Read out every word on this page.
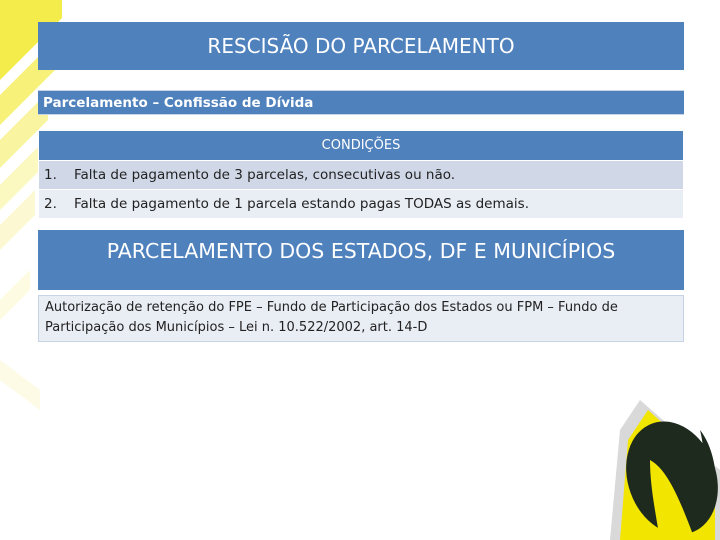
RESCISÃO DO PARCELAMENTO
Parcelamento – Confissão de Dívida
CONDIÇÕES
1. Falta de pagamento de 3 parcelas, consecutivas ou não.
2. Falta de pagamento de 1 parcela estando pagas TODAS as demais.
PARCELAMENTO DOS ESTADOS, DF E MUNICÍPIOS
Autorização de retenção do FPE – Fundo de Participação dos Estados ou FPM – Fundo de Participação dos Municípios – Lei n. 10.522/2002, art. 14-D
